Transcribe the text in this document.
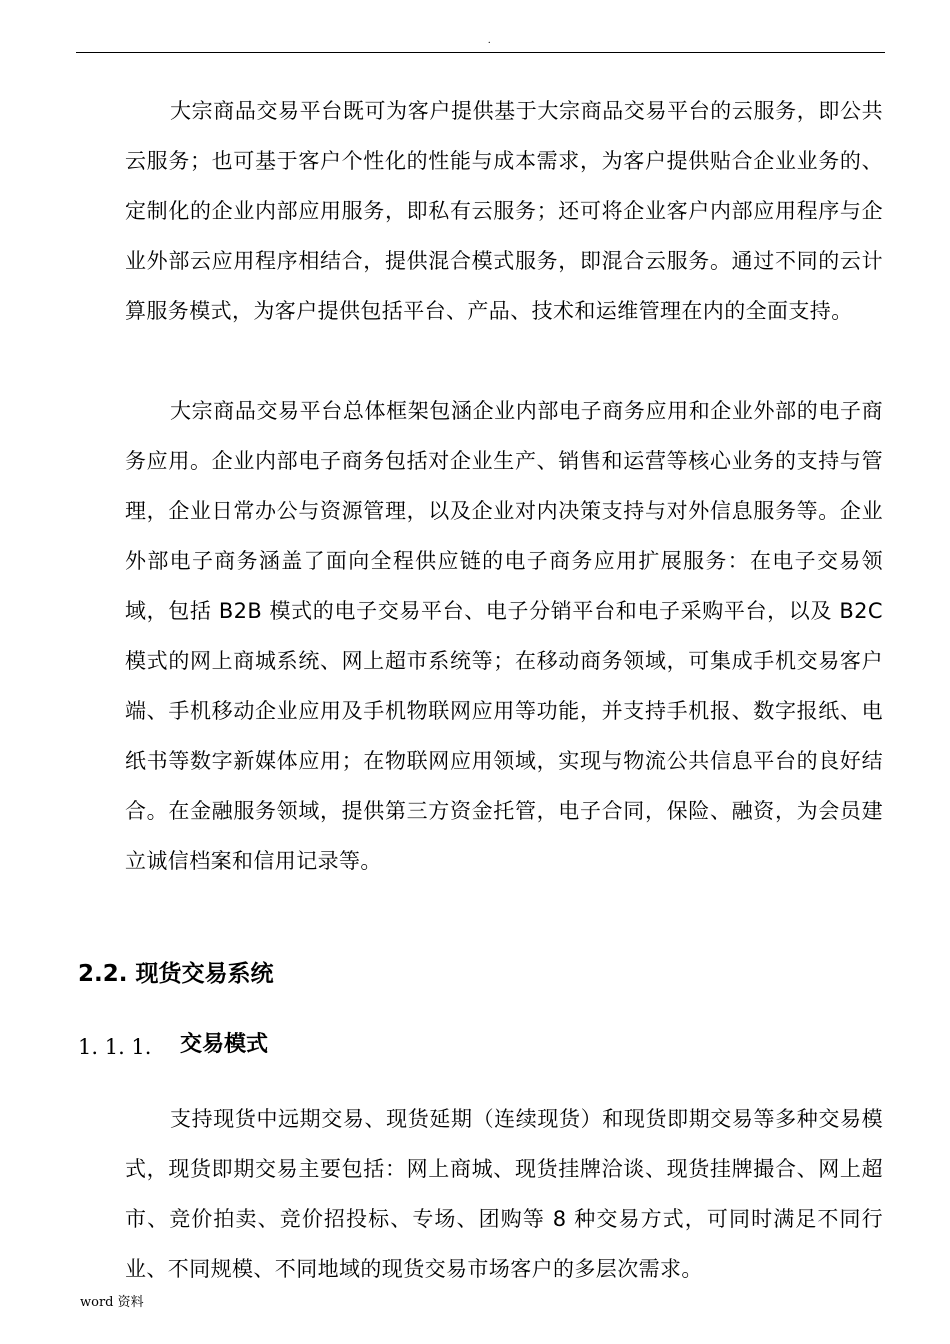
.

大宗商品交易平台既可为客户提供基于大宗商品交易平台的云服务，即公共云服务；也可基于客户个性化的性能与成本需求，为客户提供贴合企业业务的、定制化的企业内部应用服务，即私有云服务；还可将企业客户内部应用程序与企业外部云应用程序相结合，提供混合模式服务，即混合云服务。通过不同的云计算服务模式，为客户提供包括平台、产品、技术和运维管理在内的全面支持。

大宗商品交易平台总体框架包涵企业内部电子商务应用和企业外部的电子商务应用。企业内部电子商务包括对企业生产、销售和运营等核心业务的支持与管理，企业日常办公与资源管理，以及企业对内决策支持与对外信息服务等。企业外部电子商务涵盖了面向全程供应链的电子商务应用扩展服务：在电子交易领域，包括 B2B 模式的电子交易平台、电子分销平台和电子采购平台，以及 B2C 模式的网上商城系统、网上超市系统等；在移动商务领域，可集成手机交易客户端、手机移动企业应用及手机物联网应用等功能，并支持手机报、数字报纸、电纸书等数字新媒体应用；在物联网应用领域，实现与物流公共信息平台的良好结合。在金融服务领域，提供第三方资金托管，电子合同，保险、融资，为会员建立诚信档案和信用记录等。

2.2. 现货交易系统
1. 1. 1. 交易模式

支持现货中远期交易、现货延期（连续现货）和现货即期交易等多种交易模式，现货即期交易主要包括：网上商城、现货挂牌洽谈、现货挂牌撮合、网上超市、竞价拍卖、竞价招投标、专场、团购等 8 种交易方式，可同时满足不同行业、不同规模、不同地域的现货交易市场客户的多层次需求。

word 资料
